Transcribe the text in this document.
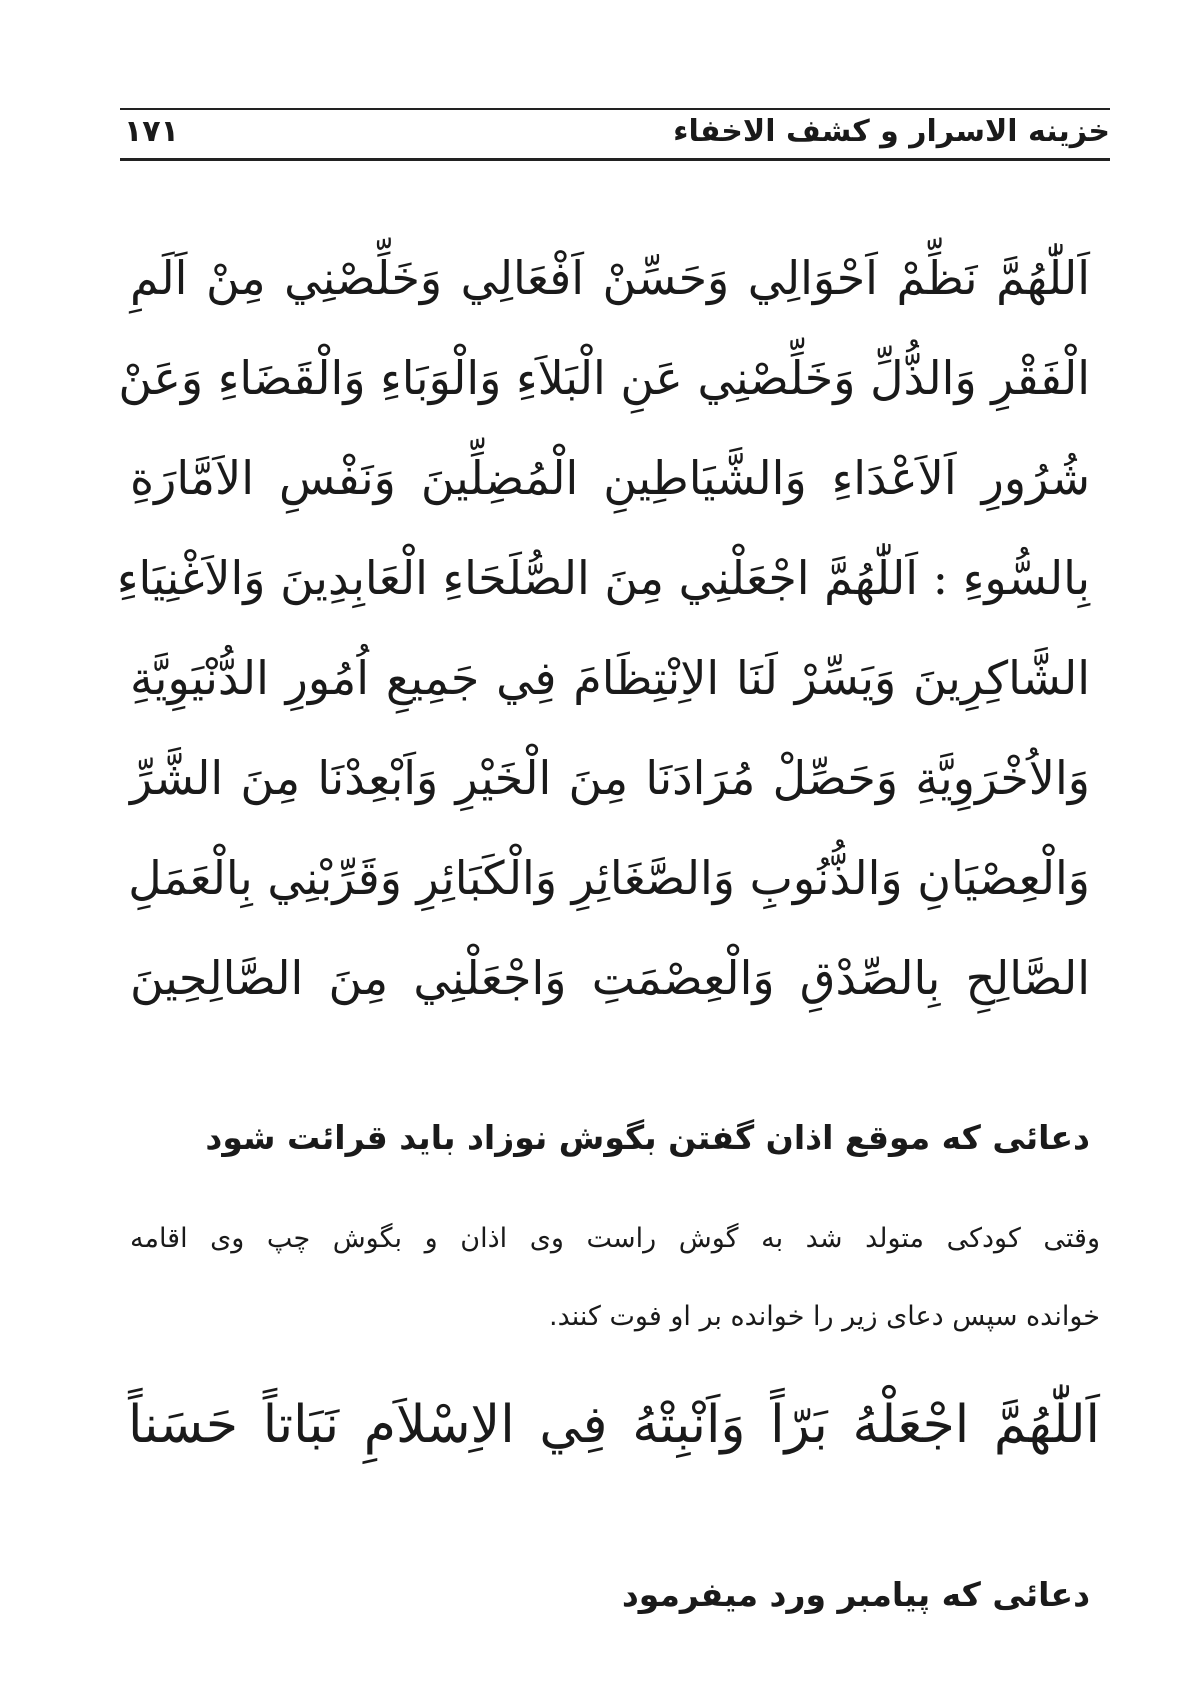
خزينه الاسرار و كشف الاخفاء
١٧١
اَللّٰهُمَّ نَظِّمْ اَحْوَالِي وَحَسِّنْ اَفْعَالِي وَخَلِّصْنِي مِنْ اَلَمِ
الْفَقْرِ وَالذُّلِّ وَخَلِّصْنِي عَنِ الْبَلاَءِ وَالْوَبَاءِ وَالْقَضَاءِ وَعَنْ
شُرُورِ اَلاَعْدَاءِ وَالشَّيَاطِينِ الْمُضِلِّينَ وَنَفْسِ الاَمَّارَةِ
بِالسُّوءِ : اَللّٰهُمَّ اجْعَلْنِي مِنَ الصُّلَحَاءِ الْعَابِدِينَ وَالاَغْنِيَاءِ
الشَّاكِرِينَ وَيَسِّرْ لَنَا الاِنْتِظَامَ فِي جَمِيعِ اُمُورِ الدُّنْيَوِيَّةِ
وَالاُخْرَوِيَّةِ وَحَصِّلْ مُرَادَنَا مِنَ الْخَيْرِ وَاَبْعِدْنَا مِنَ الشَّرِّ
وَالْعِصْيَانِ وَالذُّنُوبِ وَالصَّغَائِرِ وَالْكَبَائِرِ وَقَرِّبْنِي بِالْعَمَلِ
الصَّالِحِ بِالصِّدْقِ وَالْعِصْمَتِ وَاجْعَلْنِي مِنَ الصَّالِحِينَ
دعائی که موقع اذان گفتن بگوش نوزاد باید قرائت شود
وقتی کودکی متولد شد به گوش راست وی اذان و بگوش چپ وی اقامه
خوانده سپس دعای زیر را خوانده بر او فوت کنند.
اَللّٰهُمَّ اجْعَلْهُ بَرّاً وَاَنْبِتْهُ فِي الاِسْلاَمِ نَبَاتاً حَسَناً
دعائی که پیامبر ورد میفرمود
